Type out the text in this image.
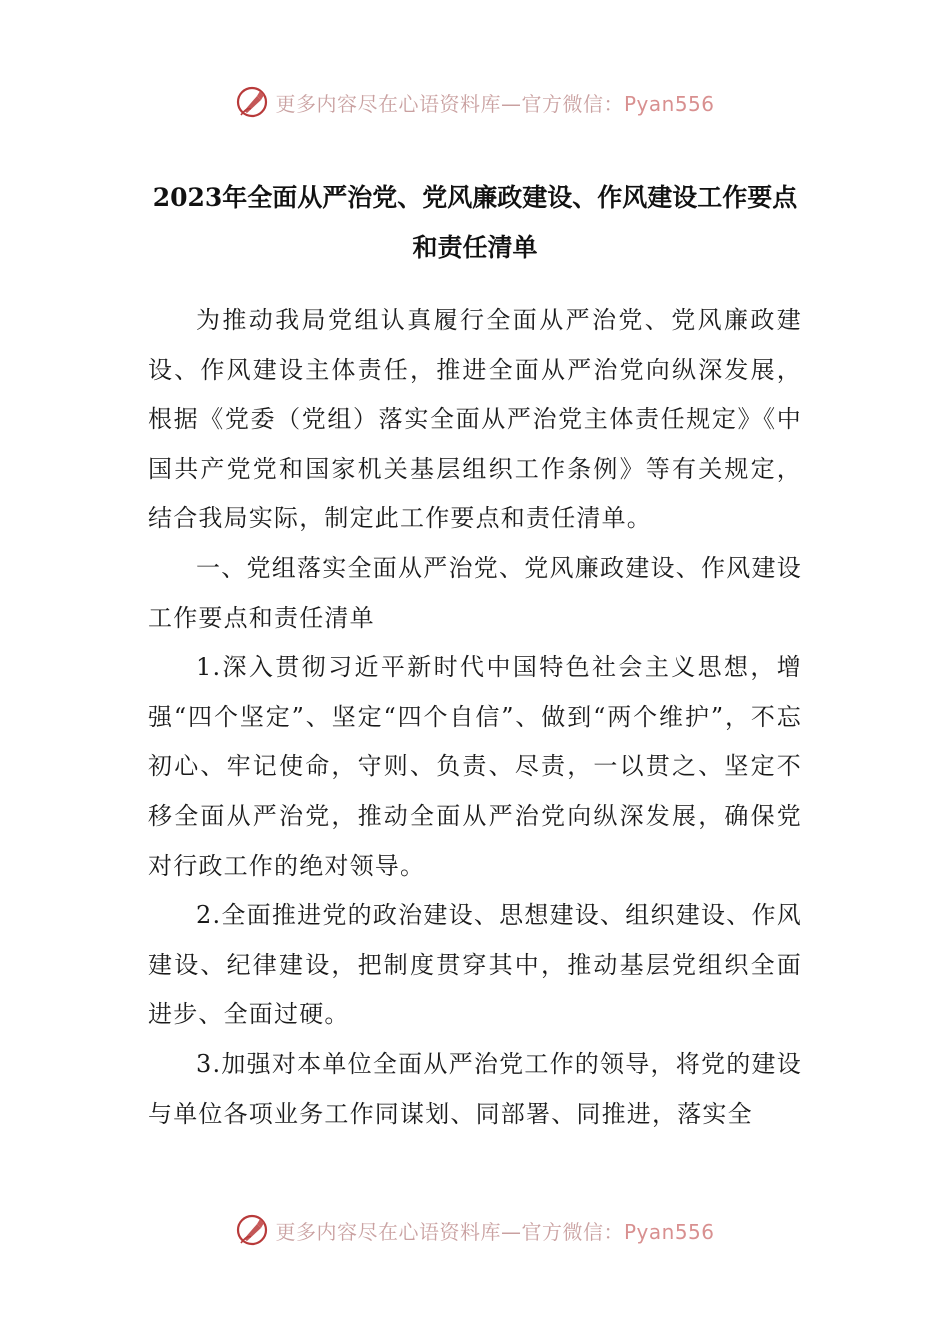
更多内容尽在心语资料库—官方微信：Pyan556
2023年全面从严治党、党风廉政建设、作风建设工作要点
和责任清单

为推动我局党组认真履行全面从严治党、党风廉政建设、作风建设主体责任，推进全面从严治党向纵深发展，根据《党委（党组）落实全面从严治党主体责任规定》《中国共产党党和国家机关基层组织工作条例》等有关规定，结合我局实际，制定此工作要点和责任清单。

一、党组落实全面从严治党、党风廉政建设、作风建设工作要点和责任清单

1.深入贯彻习近平新时代中国特色社会主义思想，增强“四个坚定”、坚定“四个自信”、做到“两个维护”，不忘初心、牢记使命，守则、负责、尽责，一以贯之、坚定不移全面从严治党，推动全面从严治党向纵深发展，确保党对行政工作的绝对领导。

2.全面推进党的政治建设、思想建设、组织建设、作风建设、纪律建设，把制度贯穿其中，推动基层党组织全面进步、全面过硬。

3.加强对本单位全面从严治党工作的领导，将党的建设与单位各项业务工作同谋划、同部署、同推进，落实全

更多内容尽在心语资料库—官方微信：Pyan556
